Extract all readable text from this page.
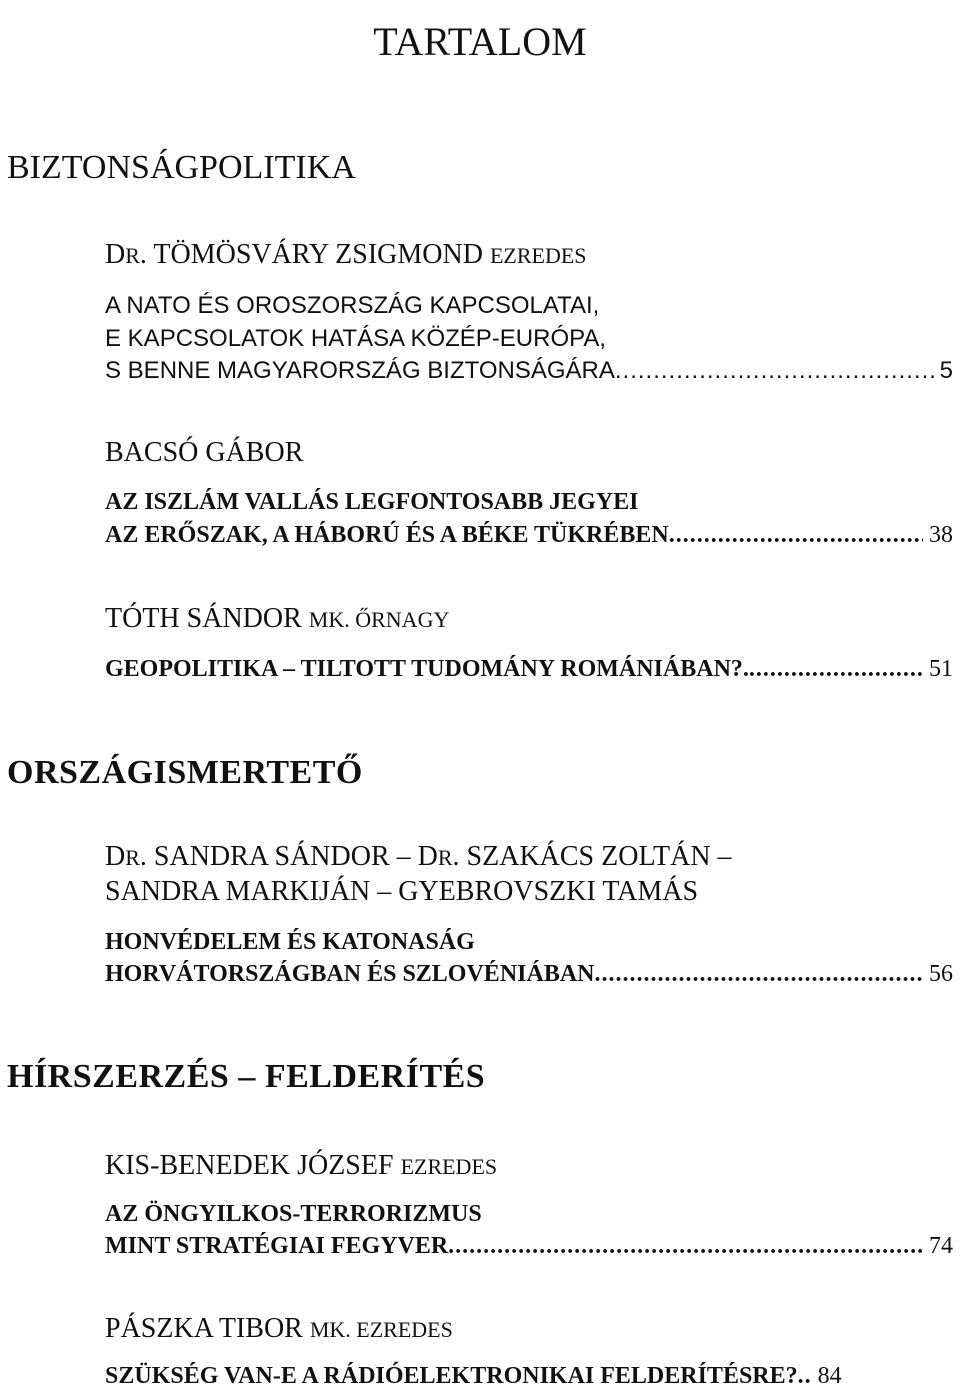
TARTALOM
BIZTONSÁGPOLITIKA
DR. TÖMÖSVÁRY ZSIGMOND EZREDES
A NATO ÉS OROSZORSZÁG KAPCSOLATAI,
E KAPCSOLATOK HATÁSA KÖZÉP-EURÓPA,
S BENNE MAGYARORSZÁG BIZTONSÁGÁRA .....	5
BACSÓ GÁBOR
AZ ISZLÁM VALLÁS LEGFONTOSABB JEGYEI
AZ ERŐSZAK, A HÁBORÚ ÉS A BÉKE TÜKRÉBEN .....	38
TÓTH SÁNDOR MK. ŐRNAGY
GEOPOLITIKA – TILTOTT TUDOMÁNY ROMÁNIÁBAN?. .....	51
ORSZÁGISMERTETŐ
DR. SANDRA SÁNDOR – DR. SZAKÁCS ZOLTÁN –
SANDRA MARKIJÁN – GYEBROVSZKI TAMÁS
HONVÉDELEM ÉS KATONASÁG
HORVÁTORSZÁGBAN ÉS SZLOVÉNIÁBAN .....	56
HÍRSZERZÉS – FELDERÍTÉS
KIS-BENEDEK JÓZSEF EZREDES
AZ ÖNGYILKOS-TERRORIZMUS
MINT STRATÉGIAI FEGYVER .....	74
PÁSZKA TIBOR MK. EZREDES
SZÜKSÉG VAN-E A RÁDIÓELEKTRONIKAI FELDERÍTÉSRE? ..... 84
